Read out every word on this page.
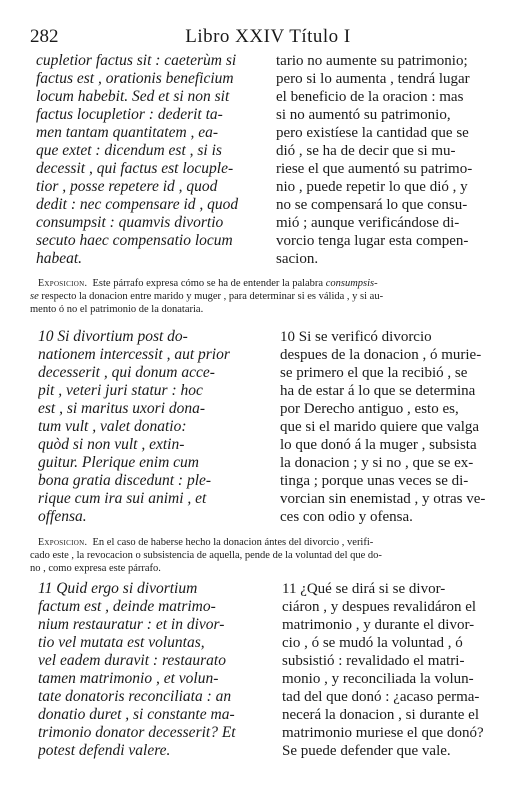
282	Libro XXIV Título I
cupletior factus sit : caeterùm si
factus est , orationis beneficium
locum habebit. Sed et si non sit
factus locupletior : dederit ta-
men tantam quantitatem , ea-
que extet : dicendum est , si is
decessit , qui factus est locuple-
tior , posse repetere id , quod
dedit : nec compensare id , quod
consumpsit : quamvis divortio
secuto haec compensatio locum
habeat.
tario no aumente su patrimonio;
pero si lo aumenta , tendrá lugar
el beneficio de la oracion : mas
si no aumentó su patrimonio,
pero existíese la cantidad que se
dió , se ha de decir que si mu-
riese el que aumentó su patrimo-
nio , puede repetir lo que dió , y
no se compensará lo que consu-
mió ; aunque verificándose di-
vorcio tenga lugar esta compen-
sacion.
Exposicion. Este párrafo expresa cómo se ha de entender la palabra consumpsis-
se respecto la donacion entre marido y muger , para determinar si es válida , y si au-
mento ó no el patrimonio de la donataria.
10 Si divortium post do-
nationem intercessit , aut prior
decesserit , qui donum acce-
pit , veteri juri statur : hoc
est , si maritus uxori dona-
tum vult , valet donatio:
quòd si non vult , extin-
guitur. Plerique enim cum
bona gratia discedunt : ple-
rique cum ira sui animi , et
offensa.
10 Si se verificó divorcio
despues de la donacion , ó murie-
se primero el que la recibió , se
ha de estar á lo que se determina
por Derecho antiguo , esto es,
que si el marido quiere que valga
lo que donó á la muger , subsista
la donacion ; y si no , que se ex-
tinga ; porque unas veces se di-
vorcian sin enemistad , y otras ve-
ces con odio y ofensa.
Exposicion. En el caso de haberse hecho la donacion ántes del divorcio , verifi-
cado este , la revocacion o subsistencia de aquella, pende de la voluntad del que do-
no , como expresa este párrafo.
11 Quid ergo si divortium
factum est , deinde matrimo-
nium restauratur : et in divor-
tio vel mutata est voluntas,
vel eadem duravit : restaurato
tamen matrimonio , et volun-
tate donatoris reconciliata : an
donatio duret , si constante ma-
trimonio donator decesserit? Et
potest defendi valere.
11 ¿Qué se dirá si se divor-
ciáron , y despues revalidáron el
matrimonio , y durante el divor-
cio , ó se mudó la voluntad , ó
subsistió : revalidado el matri-
monio , y reconciliada la volun-
tad del que donó : ¿acaso perma-
necerá la donacion , si durante el
matrimonio muriese el que donó?
Se puede defender que vale.
